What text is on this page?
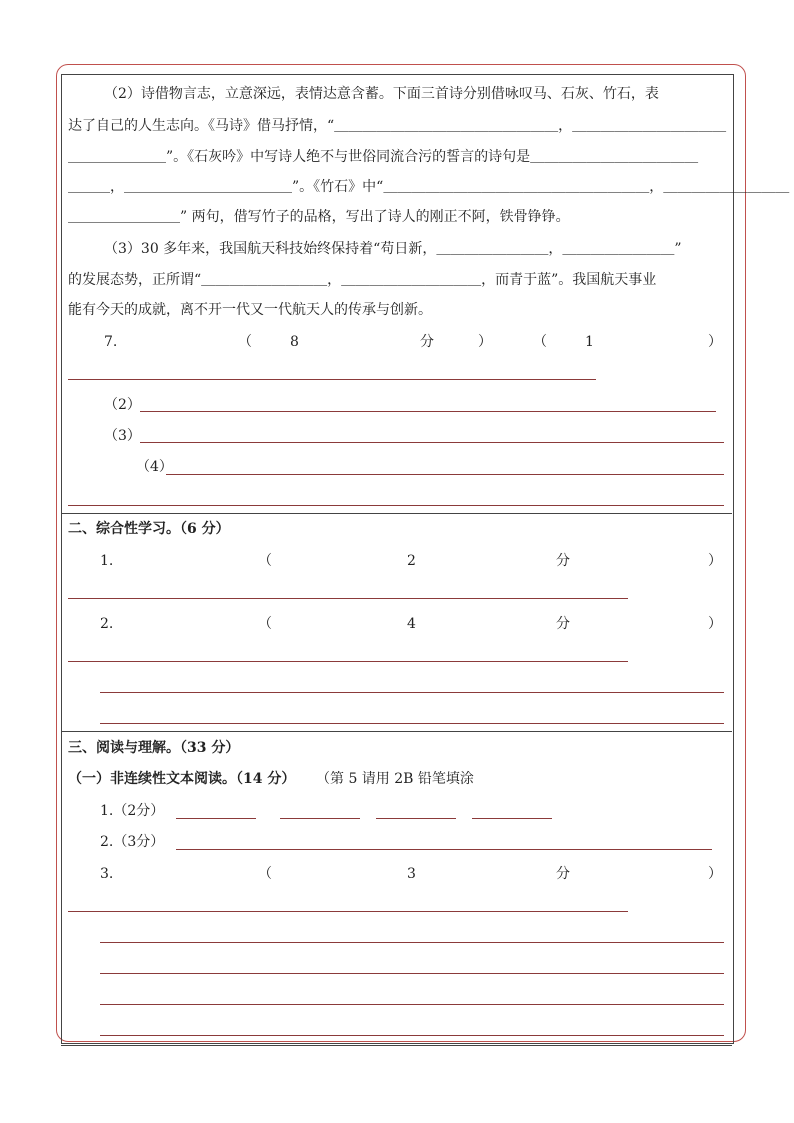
（2）诗借物言志，立意深远，表情达意含蓄。下面三首诗分别借咏叹马、石灰、竹石，表
达了自己的人生志向。《马诗》借马抒情，“＿＿＿＿＿＿＿＿＿＿＿＿＿＿＿＿，＿＿＿＿＿＿＿＿＿＿＿
＿＿＿＿＿＿＿”。《石灰吟》中写诗人绝不与世俗同流合污的誓言的诗句是＿＿＿＿＿＿＿＿＿＿＿＿
＿＿＿，＿＿＿＿＿＿＿＿＿＿＿＿”。《竹石》中“＿＿＿＿＿＿＿＿＿＿＿＿＿＿＿＿＿＿＿，＿＿＿＿＿＿＿＿＿
＿＿＿＿＿＿＿＿” 两句，借写竹子的品格，写出了诗人的刚正不阿，铁骨铮铮。
（3）30 多年来，我国航天科技始终保持着“苟日新，＿＿＿＿＿＿＿＿，＿＿＿＿＿＿＿＿”
的发展态势，正所谓“＿＿＿＿＿＿＿＿＿，＿＿＿＿＿＿＿＿＿＿，而青于蓝”。我国航天事业
能有今天的成就，离不开一代又一代航天人的传承与创新。
7.	（	8	分	）	（	1	）
（2）
（3）
（4）
二、综合性学习。（6 分）
1.	（	2	分	）
2.	（	4	分	）
三、阅读与理解。（33 分）
（一）非连续性文本阅读。（14 分） （第 5 请用 2B 铅笔填涂
1.（2分）
2.（3分）
3.	（	3	分	）
